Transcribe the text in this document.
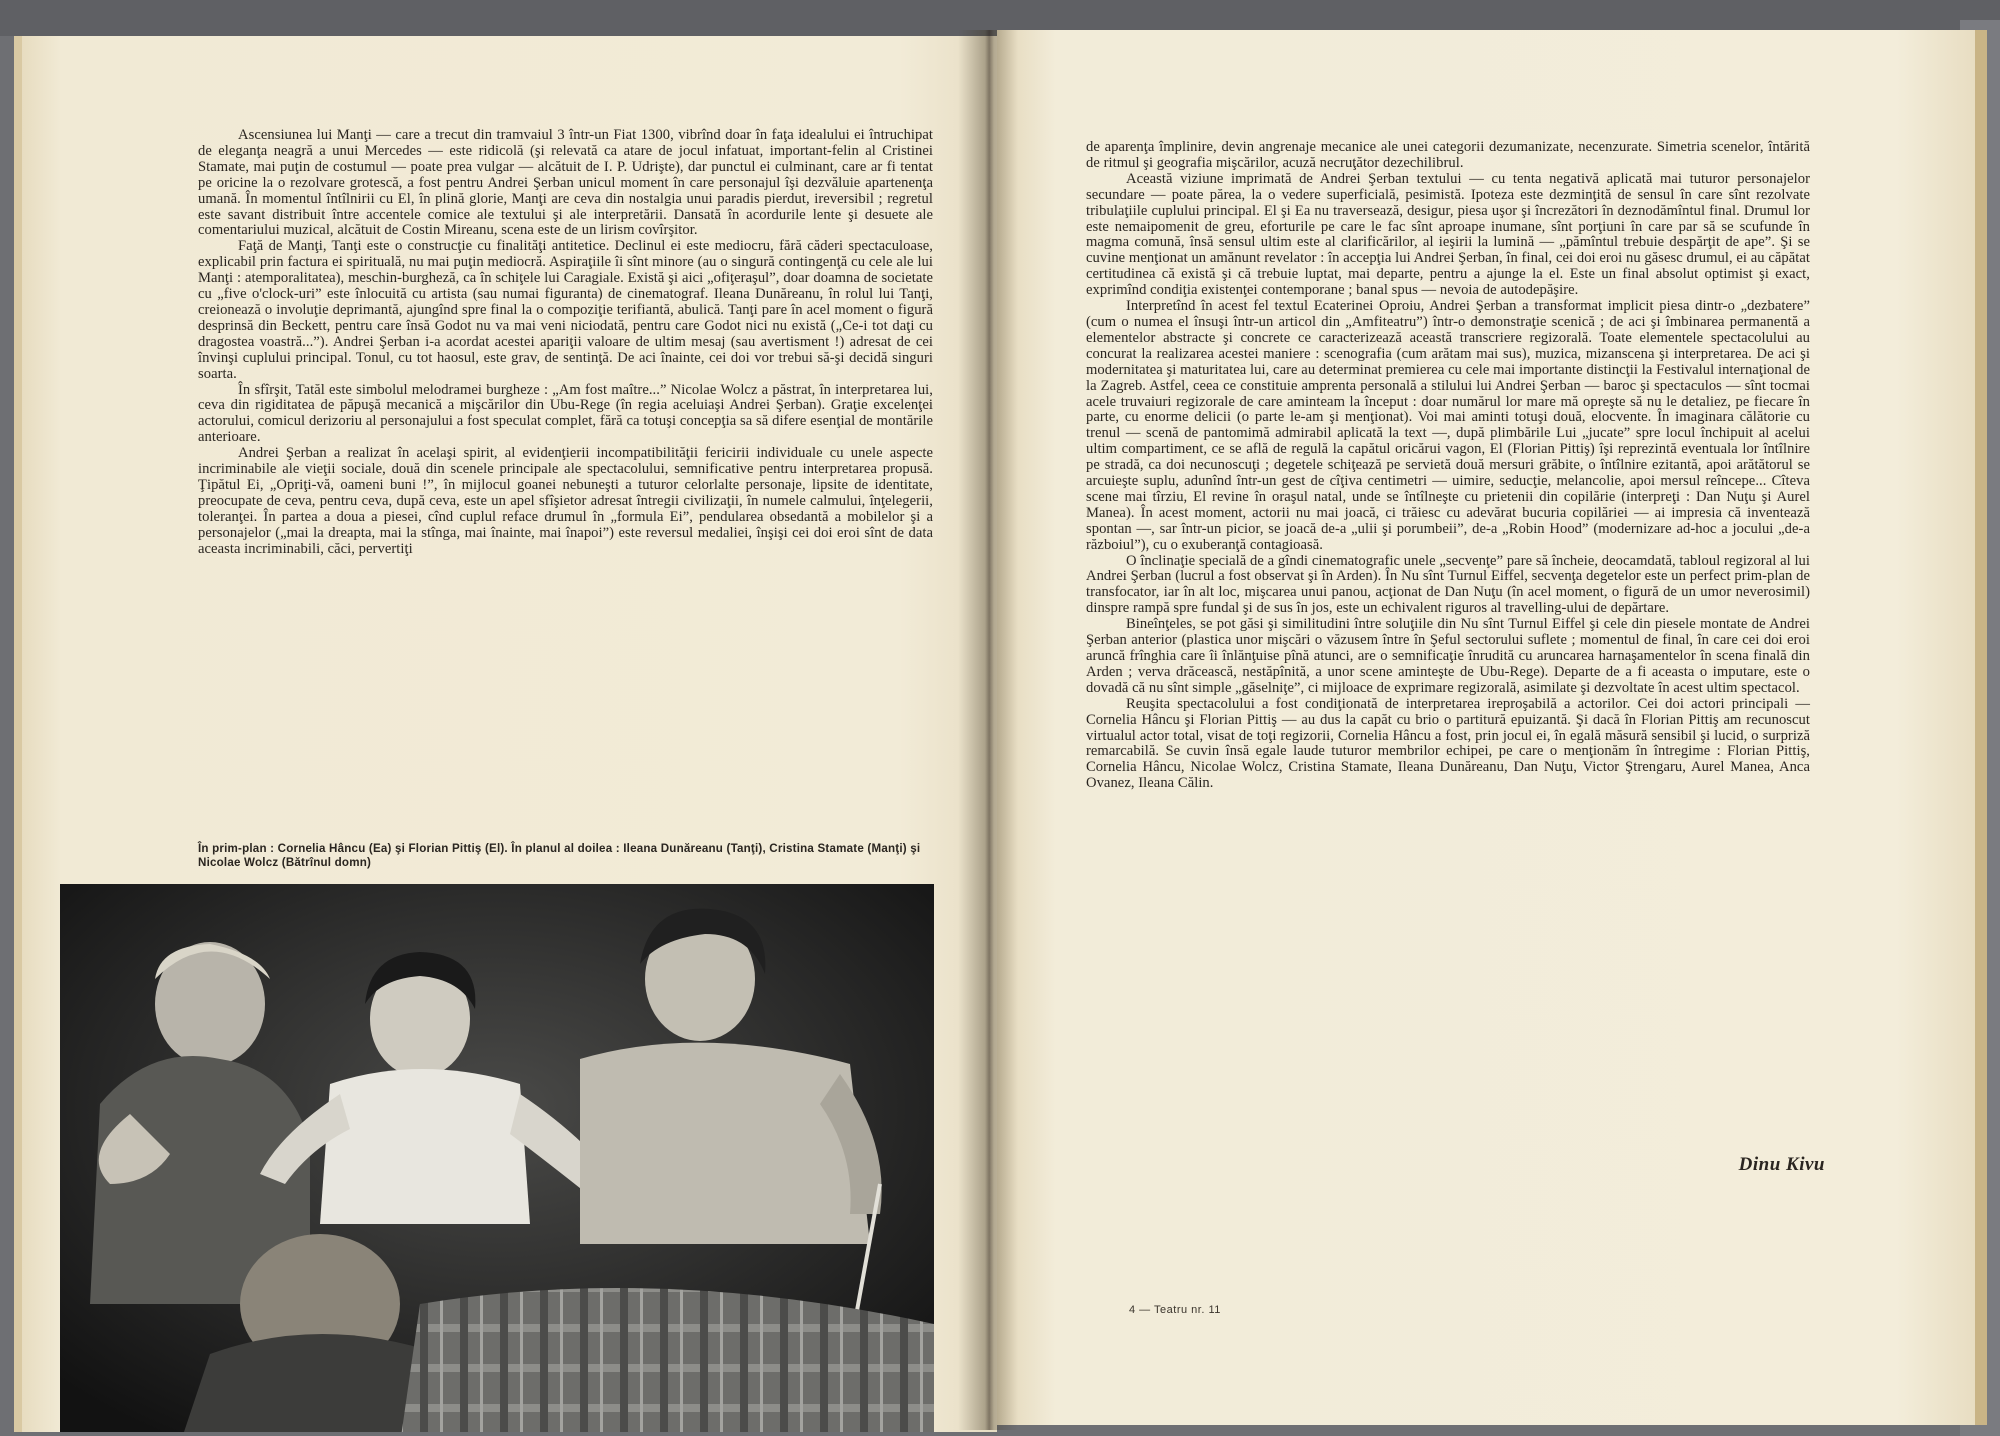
Ascensiunea lui Manţi — care a trecut din tramvaiul 3 într-un Fiat 1300, vibrînd doar în faţa idealului ei întruchipat de eleganţa neagră a unui Mercedes — este ridicolă (şi relevată ca atare de jocul infatuat, important-felin al Cristinei Stamate, mai puţin de costumul — poate prea vulgar — alcătuit de I. P. Udrişte), dar punctul ei culminant, care ar fi tentat pe oricine la o rezolvare grotescă, a fost pentru Andrei Şerban unicul moment în care personajul îşi dezvăluie apartenenţa umană. În momentul întîlnirii cu El, în plină glorie, Manţi are ceva din nostalgia unui paradis pierdut, ireversibil ; regretul este savant distribuit între accentele comice ale textului şi ale interpretării. Dansată în acordurile lente şi desuete ale comentariului muzical, alcătuit de Costin Mireanu, scena este de un lirism covîrşitor.

Faţă de Manţi, Tanţi este o construcţie cu finalităţi antitetice. Declinul ei este mediocru, fără căderi spectaculoase, explicabil prin factura ei spirituală, nu mai puţin mediocră. Aspiraţiile îi sînt minore (au o singură contingenţă cu cele ale lui Manţi : atemporalitatea), meschin-burgheză, ca în schiţele lui Caragiale. Există şi aici „ofiţeraşul”, doar doamna de societate cu „five o'clock-uri” este înlocuită cu artista (sau numai figuranta) de cinematograf. Ileana Dunăreanu, în rolul lui Tanţi, creionează o involuţie deprimantă, ajungînd spre final la o compoziţie terifiantă, abulică. Tanţi pare în acel moment o figură desprinsă din Beckett, pentru care însă Godot nu va mai veni niciodată, pentru care Godot nici nu există („Ce-i tot daţi cu dragostea voastră...”). Andrei Şerban i-a acordat acestei apariţii valoare de ultim mesaj (sau avertisment !) adresat de cei învinşi cuplului principal. Tonul, cu tot haosul, este grav, de sentinţă. De aci înainte, cei doi vor trebui să-şi decidă singuri soarta.

În sfîrşit, Tatăl este simbolul melodramei burgheze : „Am fost maître...” Nicolae Wolcz a păstrat, în interpretarea lui, ceva din rigiditatea de păpuşă mecanică a mişcărilor din Ubu-Rege (în regia aceluiaşi Andrei Şerban). Graţie excelenţei actorului, comicul derizoriu al personajului a fost speculat complet, fără ca totuşi concepţia sa să difere esenţial de montările anterioare.

Andrei Şerban a realizat în acelaşi spirit, al evidenţierii incompatibilităţii fericirii individuale cu unele aspecte incriminabile ale vieţii sociale, două din scenele principale ale spectacolului, semnificative pentru interpretarea propusă. Ţipătul Ei, „Opriţi-vă, oameni buni !”, în mijlocul goanei nebuneşti a tuturor celorlalte personaje, lipsite de identitate, preocupate de ceva, pentru ceva, după ceva, este un apel sfîşietor adresat întregii civilizaţii, în numele calmului, înţelegerii, toleranţei. În partea a doua a piesei, cînd cuplul reface drumul în „formula Ei”, pendularea obsedantă a mobilelor şi a personajelor („mai la dreapta, mai la stînga, mai înainte, mai înapoi”) este reversul medaliei, înşişi cei doi eroi sînt de data aceasta incriminabili, căci, pervertiţi

În prim-plan : Cornelia Hâncu (Ea) şi Florian Pittiş (El). În planul al doilea : Ileana Dunăreanu (Tanţi), Cristina Stamate (Manţi) şi Nicolae Wolcz (Bătrînul domn)

de aparenţa împlinire, devin angrenaje mecanice ale unei categorii dezumanizate, necenzurate. Simetria scenelor, întărită de ritmul şi geografia mişcărilor, acuză necruţător dezechilibrul.

Această viziune imprimată de Andrei Şerban textului — cu tenta negativă aplicată mai tuturor personajelor secundare — poate părea, la o vedere superficială, pesimistă. Ipoteza este dezminţită de sensul în care sînt rezolvate tribulaţiile cuplului principal. El şi Ea nu traversează, desigur, piesa uşor şi încrezători în deznodămîntul final. Drumul lor este nemaipomenit de greu, eforturile pe care le fac sînt aproape inumane, sînt porţiuni în care par să se scufunde în magma comună, însă sensul ultim este al clarificărilor, al ieşirii la lumină — „pămîntul trebuie despărţit de ape”. Şi se cuvine menţionat un amănunt revelator : în accepţia lui Andrei Şerban, în final, cei doi eroi nu găsesc drumul, ei au căpătat certitudinea că există şi că trebuie luptat, mai departe, pentru a ajunge la el. Este un final absolut optimist şi exact, exprimînd condiţia existenţei contemporane ; banal spus — nevoia de autodepăşire.

Interpretînd în acest fel textul Ecaterinei Oproiu, Andrei Şerban a transformat implicit piesa dintr-o „dezbatere” (cum o numea el însuşi într-un articol din „Amfiteatru”) într-o demonstraţie scenică ; de aci şi îmbinarea permanentă a elementelor abstracte şi concrete ce caracterizează această transcriere regizorală. Toate elementele spectacolului au concurat la realizarea acestei maniere : scenografia (cum arătam mai sus), muzica, mizanscena şi interpretarea. De aci şi modernitatea şi maturitatea lui, care au determinat premierea cu cele mai importante distincţii la Festivalul internaţional de la Zagreb. Astfel, ceea ce constituie amprenta personală a stilului lui Andrei Şerban — baroc şi spectaculos — sînt tocmai acele truvaiuri regizorale de care aminteam la început : doar numărul lor mare mă opreşte să nu le detaliez, pe fiecare în parte, cu enorme delicii (o parte le-am şi menţionat). Voi mai aminti totuşi două, elocvente. În imaginara călătorie cu trenul — scenă de pantomimă admirabil aplicată la text —, după plimbările Lui „jucate” spre locul închipuit al acelui ultim compartiment, ce se află de regulă la capătul oricărui vagon, El (Florian Pittiş) îşi reprezintă eventuala lor întîlnire pe stradă, ca doi necunoscuţi ; degetele schiţează pe servietă două mersuri grăbite, o întîlnire ezitantă, apoi arătătorul se arcuieşte suplu, adunînd într-un gest de cîţiva centimetri — uimire, seducţie, melancolie, apoi mersul reîncepe... Cîteva scene mai tîrziu, El revine în oraşul natal, unde se întîlneşte cu prietenii din copilărie (interpreţi : Dan Nuţu şi Aurel Manea). În acest moment, actorii nu mai joacă, ci trăiesc cu adevărat bucuria copilăriei — ai impresia că inventează spontan —, sar într-un picior, se joacă de-a „ulii şi porumbeii”, de-a „Robin Hood” (modernizare ad-hoc a jocului „de-a războiul”), cu o exuberanţă contagioasă.

O înclinaţie specială de a gîndi cinematografic unele „secvenţe” pare să încheie, deocamdată, tabloul regizoral al lui Andrei Şerban (lucrul a fost observat şi în Arden). În Nu sînt Turnul Eiffel, secvenţa degetelor este un perfect prim-plan de transfocator, iar în alt loc, mişcarea unui panou, acţionat de Dan Nuţu (în acel moment, o figură de un umor neverosimil) dinspre rampă spre fundal şi de sus în jos, este un echivalent riguros al travelling-ului de depărtare.

Bineînţeles, se pot găsi şi similitudini între soluţiile din Nu sînt Turnul Eiffel şi cele din piesele montate de Andrei Şerban anterior (plastica unor mişcări o văzusem între în Şeful sectorului suflete ; momentul de final, în care cei doi eroi aruncă frînghia care îi înlănţuise pînă atunci, are o semnificaţie înrudită cu aruncarea harnaşamentelor în scena finală din Arden ; verva drăcească, nestăpînită, a unor scene aminteşte de Ubu-Rege). Departe de a fi aceasta o imputare, este o dovadă că nu sînt simple „găselniţe”, ci mijloace de exprimare regizorală, asimilate şi dezvoltate în acest ultim spectacol.

Reuşita spectacolului a fost condiţionată de interpretarea ireproşabilă a actorilor. Cei doi actori principali — Cornelia Hâncu şi Florian Pittiş — au dus la capăt cu brio o partitură epuizantă. Şi dacă în Florian Pittiş am recunoscut virtualul actor total, visat de toţi regizorii, Cornelia Hâncu a fost, prin jocul ei, în egală măsură sensibil şi lucid, o surpriză remarcabilă. Se cuvin însă egale laude tuturor membrilor echipei, pe care o menţionăm în întregime : Florian Pittiş, Cornelia Hâncu, Nicolae Wolcz, Cristina Stamate, Ileana Dunăreanu, Dan Nuţu, Victor Ştrengaru, Aurel Manea, Anca Ovanez, Ileana Călin.

Dinu Kivu
4 — Teatru nr. 11
